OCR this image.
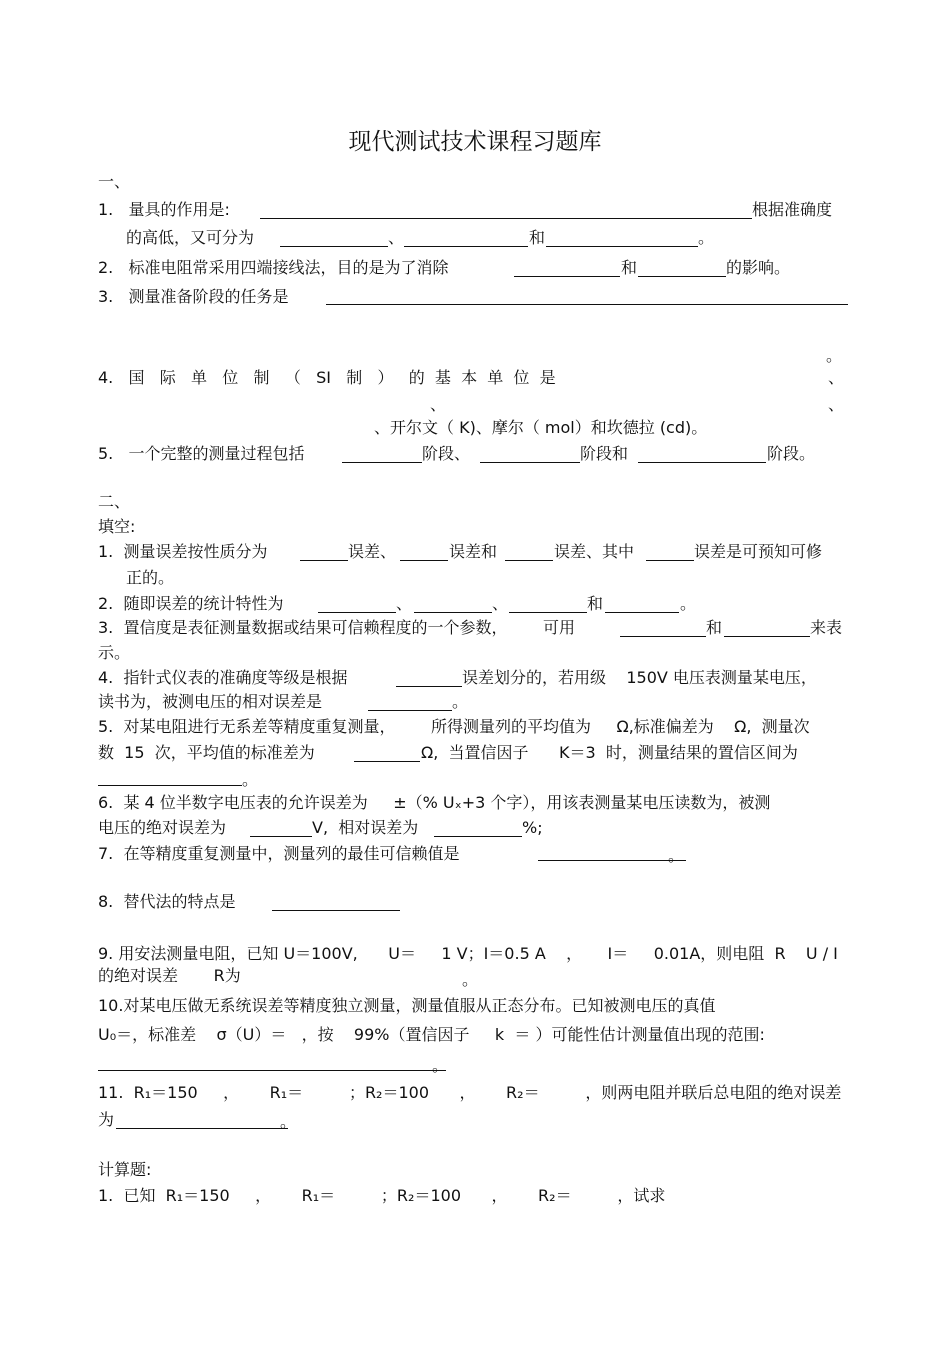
现代测试技术课程习题库
一、
1.   量具的作用是:	根据准确度
的高低，又可分为	、	和	。
2.   标准电阻常采用四端接线法，目的是为了消除	和	的影响。
3.   测量准备阶段的任务是
。
4.   国   际   单   位   制   （   SI   制   ）   的  基  本  单  位  是	、
、	、
、开尔文（ K)、摩尔（ mol）和坎德拉 (cd)。
5.   一个完整的测量过程包括	阶段、	阶段和	阶段。
二、
填空:
1.  测量误差按性质分为	误差、	误差和	误差、其中	误差是可预知可修
正的。
2.  随即误差的统计特性为	、	、	和	。
3.  置信度是表征测量数据或结果可信赖程度的一个参数，       可用	和	来表
示。
4.  指针式仪表的准确度等级是根据	误差划分的，若用级    150V 电压表测量某电压，
读书为，被测电压的相对误差是	。
5.  对某电阻进行无系差等精度重复测量，       所得测量列的平均值为     Ω,标准偏差为    Ω,  测量次
数  15  次，平均值的标准差为	Ω,  当置信因子      K＝3  时，测量结果的置信区间为
。
6.  某 4 位半数字电压表的允许误差为     ±（% Uₓ+3 个字），用该表测量某电压读数为，被测
电压的绝对误差为	V,  相对误差为	%;
7.  在等精度重复测量中，测量列的最佳可信赖值是	。
8.  替代法的特点是
9. 用安法测量电阻，已知 U＝100V,      U＝     1 V；I＝0.5 A    ，     I＝     0.01A，则电阻  R    U / I
的绝对误差       R为	。
10.对某电压做无系统误差等精度独立测量，测量值服从正态分布。已知被测电压的真值
U₀＝，标准差    σ（U）＝   ，按    99%（置信因子     k  ＝ ）可能性估计测量值出现的范围:
。
11.  R₁＝150     ，      R₁＝         ；R₂＝100      ，      R₂＝         ，则两电阻并联后总电阻的绝对误差
为	。
计算题:
1.  已知  R₁＝150     ，      R₁＝         ；R₂＝100      ，      R₂＝         ，试求
